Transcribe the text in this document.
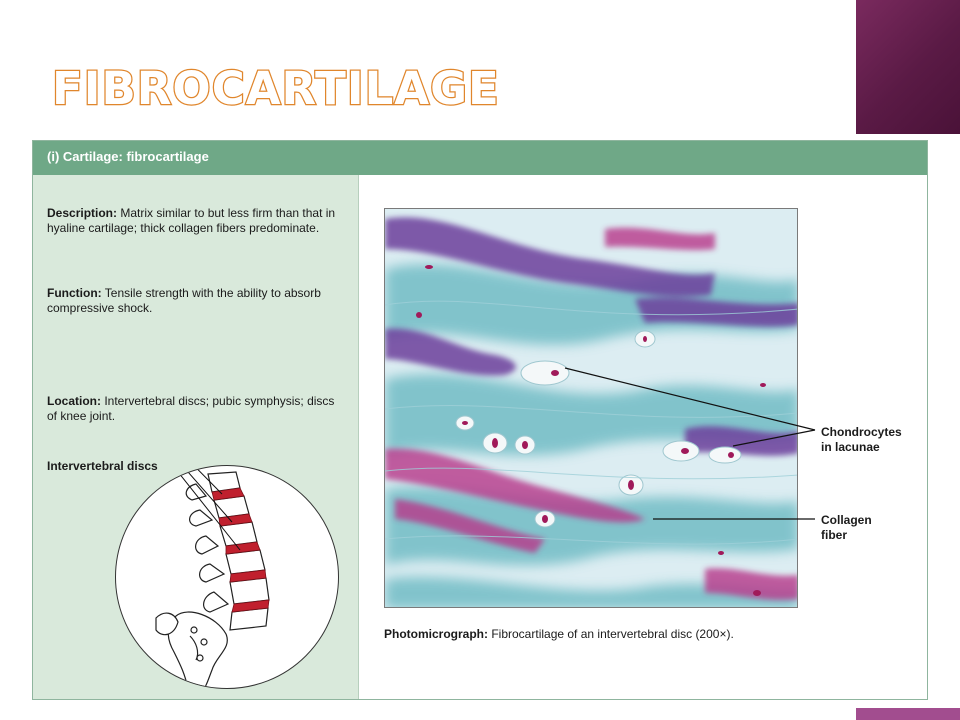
FIBROCARTILAGE
(i) Cartilage: fibrocartilage

Description: Matrix similar to but less firm than that in hyaline cartilage; thick collagen fibers predominate.

Function: Tensile strength with the ability to absorb compressive shock.

Location: Intervertebral discs; pubic symphysis; discs of knee joint.

Intervertebral discs

Chondrocytes
in lacunae

Collagen
fiber

Photomicrograph: Fibrocartilage of an intervertebral disc (200×).
